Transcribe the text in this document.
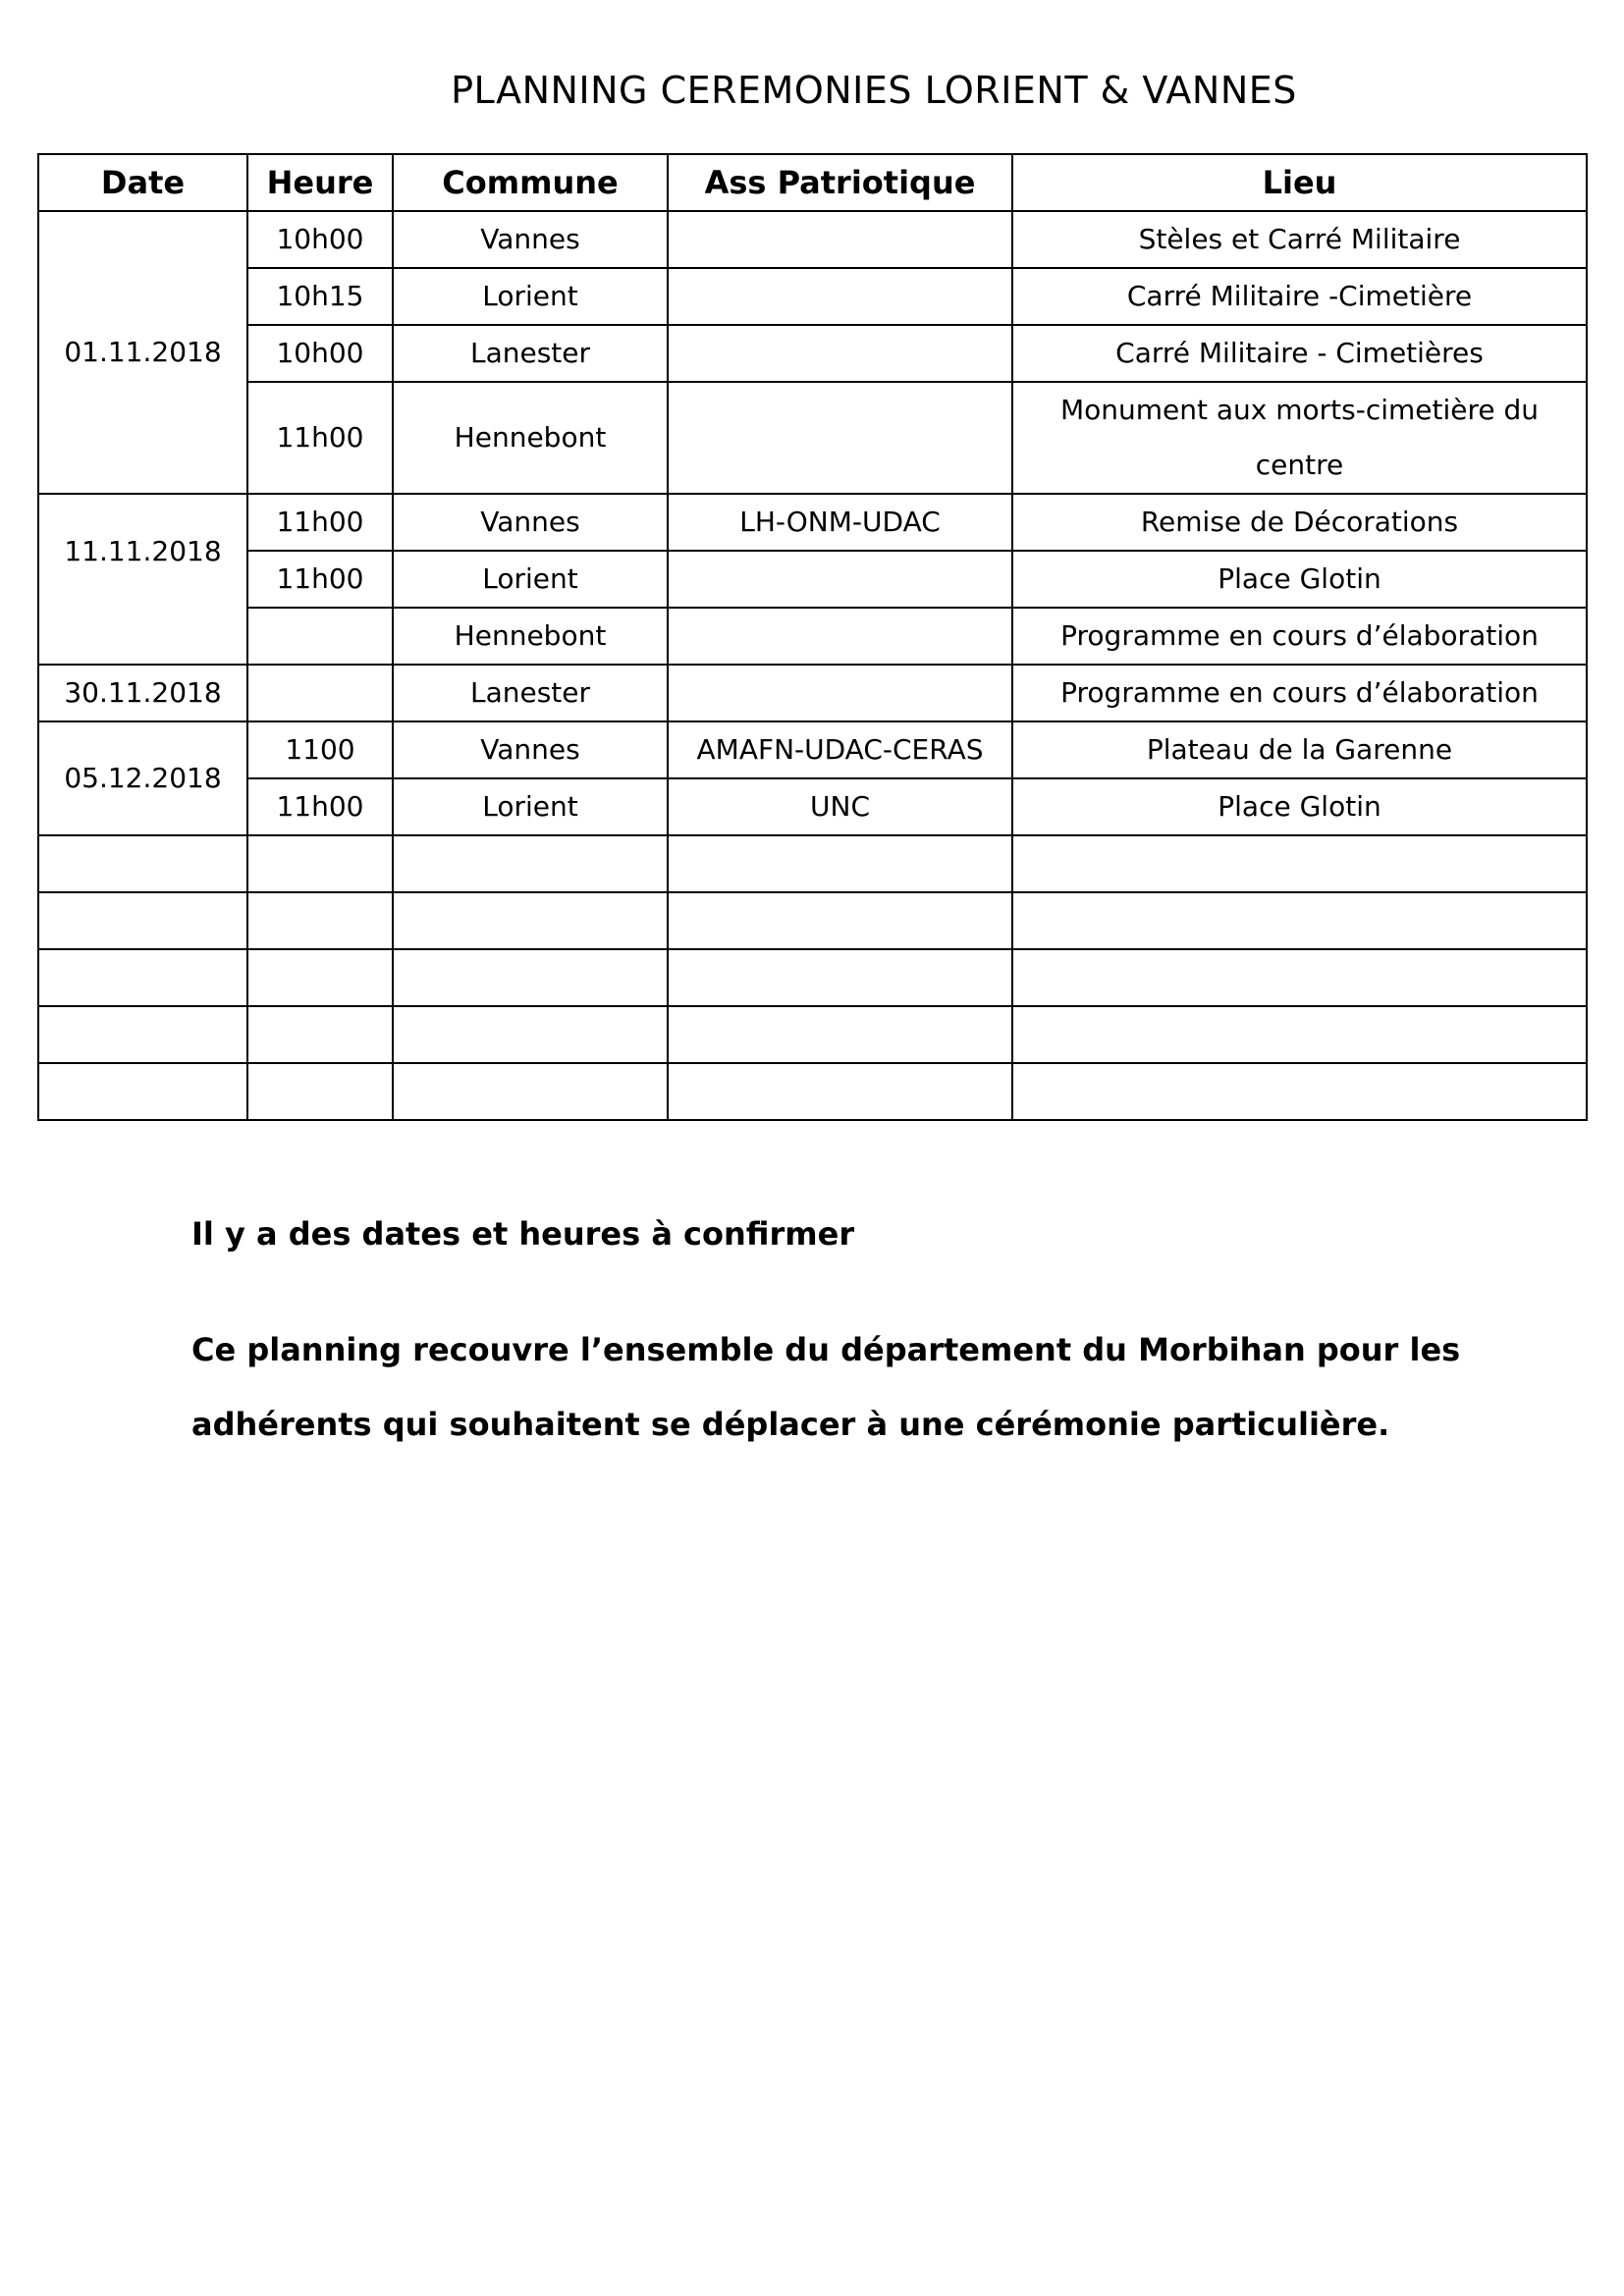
PLANNING CEREMONIES LORIENT & VANNES
Date	Heure	Commune	Ass Patriotique	Lieu
01.11.2018	10h00	Vannes		Stèles et Carré Militaire
	10h15	Lorient		Carré Militaire -Cimetière
	10h00	Lanester		Carré Militaire - Cimetières
	11h00	Hennebont		Monument aux morts-cimetière du centre

11.11.2018	11h00	Vannes	LH-ONM-UDAC	Remise de Décorations
	11h00	Lorient		Place Glotin
		Hennebont		Programme en cours d’élaboration
30.11.2018		Lanester		Programme en cours d’élaboration
05.12.2018	1100	Vannes	AMAFN-UDAC-CERAS	Plateau de la Garenne
	11h00	Lorient	UNC	Place Glotin

Il y a des dates et heures à confirmer
Ce planning recouvre l’ensemble du département du Morbihan pour les adhérents qui souhaitent se déplacer à une cérémonie particulière.
